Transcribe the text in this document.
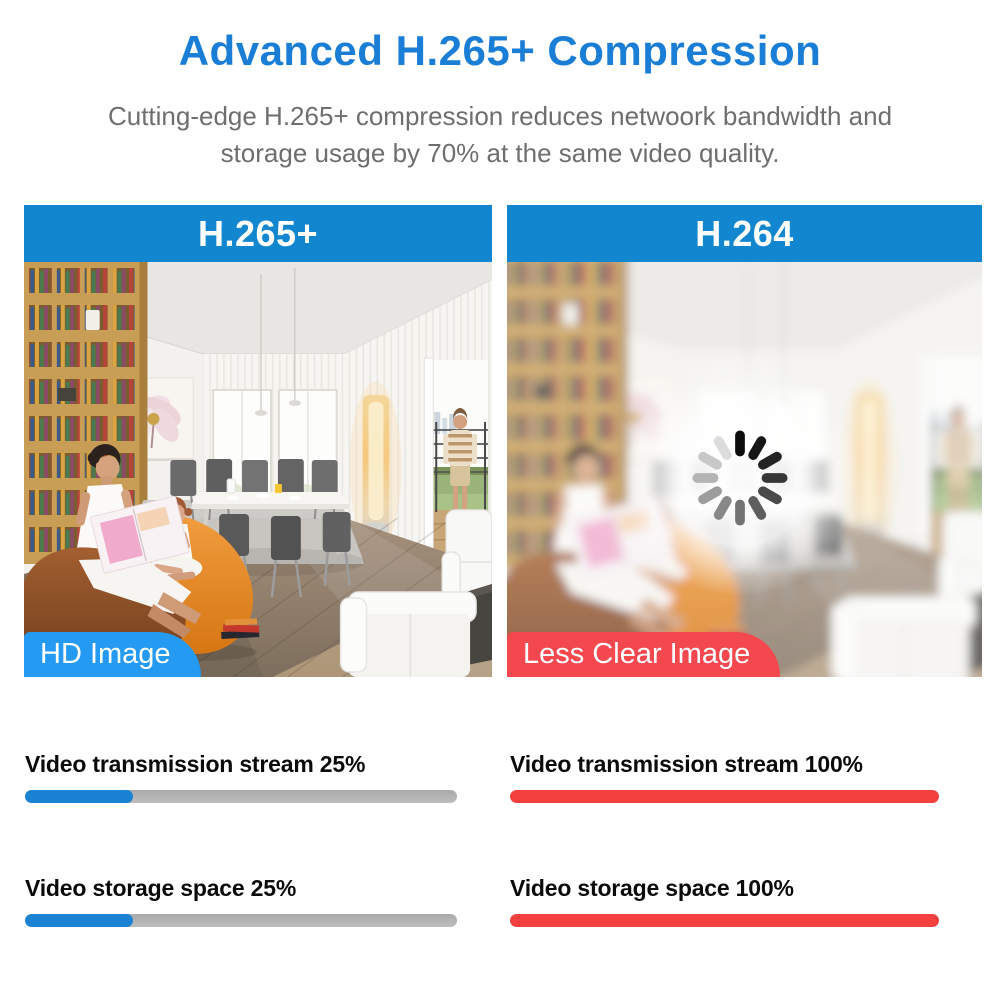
Advanced H.265+ Compression
Cutting-edge H.265+ compression reduces netwoork bandwidth and
storage usage by 70% at the same video quality.
H.265+
HD Image
H.264
Less Clear Image
Video transmission stream 25%	Video transmission stream 100%
Video storage space 25%	Video storage space 100%
